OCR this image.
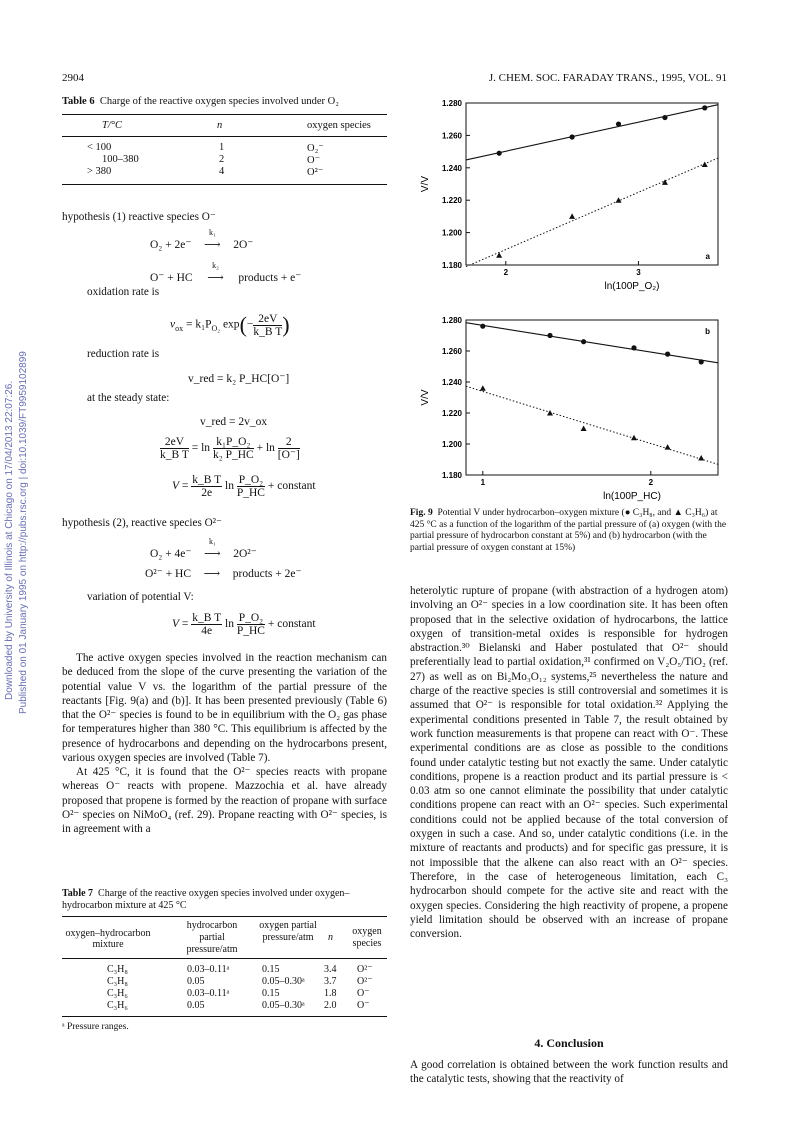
Downloaded by University of Illinois at Chicago on 17/04/2013 22:07:26. Published on 01 January 1995 on http://pubs.rsc.org | doi:10.1039/FT9959102899
2904	J. CHEM. SOC. FARADAY TRANS., 1995, VOL. 91
Table 6 Charge of the reactive oxygen species involved under O₂
T/°C	n	oxygen species
< 100	1	O₂⁻
100–380	2	O⁻
> 380	4	O²⁻
hypothesis (1) reactive species O⁻
O₂ + 2e⁻
k₁
⟶ 2O⁻
O⁻ + HC
k₂
⟶ products + e⁻
oxidation rate is
$v_{ox} = k_1P_{O_2}$ $\exp(- \frac{2eV}{\text{k\_B T}}$ )
reduction rate is
v_red = k₂ P_HC[O⁻]
at the steady state:
v_red = 2v_ox
$\frac{2eV}{\text{k\_B T}} = \ln \frac{\text{k₁P\_O₂}}{\text{k₂ P\_HC}} + \ln \frac{2}{[O^-]}$
$V = \frac{\text{k\_B T}}{2e}$ $\ln \frac{\text{P\_O₂}}{P\_HC}$ + constant
hypothesis (2), reactive species O²⁻
O₂ + 4e⁻
k₁
⟶ 2O²⁻
O²⁻ + HC ⟶ products + 2e⁻
variation of potential V:
$V = \frac{\text{k\_B T}}{4e}$ $\ln \frac{\text{P\_O₂}}{P\_HC}$ + constant
The active oxygen species involved in the reaction mechanism can be deduced from the slope of the curve presenting the variation of the potential value V vs. the logarithm of the partial pressure of the reactants [Fig. 9(a) and (b)]. It has been presented previously (Table 6) that the O²⁻ species is found to be in equilibrium with the O₂ gas phase for temperatures higher than 380 °C. This equilibrium is affected by the presence of hydrocarbons and depending on the hydrocarbons present, various oxygen species are involved (Table 7).
At 425 °C, it is found that the O²⁻ species reacts with propane whereas O⁻ reacts with propene. Mazzochia et al. have already proposed that propene is formed by the reaction of propane with surface O²⁻ species on NiMoO₄ (ref. 29). Propane reacting with O²⁻ species, is in agreement with a
Table 7 Charge of the reactive oxygen species involved under oxygen–hydrocarbon mixture at 425 °C
oxygen–hydrocarbon mixture
hydrocarbon partial pressure/atm
oxygen partial pressure/atm	n
oxygen species
C₃H₈	0.03–0.11ᵃ	0.15	3.4 O²⁻
C₃H₈	0.05	0.05–0.30ᵃ 3.7 O²⁻
C₃H₆	0.03–0.11ᵃ	0.15	1.8 O⁻
C₃H₆	0.05	0.05–0.30ᵃ 2.0 O⁻
ᵃ Pressure ranges.
1.180
1.200
1.220
1.240
1.260
1.280
2	3
ln(100P_O₂)
V/V
a
1.180
1.200
1.220
1.240
1.260
1.280
1	2
ln(100P_HC)
V/V
b
Fig. 9 Potential V under hydrocarbon–oxygen mixture (● C₃H₈, and ▲ C₃H₆) at 425 °C as a function of the logarithm of the partial pressure of (a) oxygen (with the partial pressure of hydrocarbon constant at 5%) and (b) hydrocarbon (with the partial pressure of oxygen constant at 15%)
heterolytic rupture of propane (with abstraction of a hydrogen atom) involving an O²⁻ species in a low coordination site. It has been often proposed that in the selective oxidation of hydrocarbons, the lattice oxygen of transition-metal oxides is responsible for hydrogen abstraction.³⁰ Bielanski and Haber postulated that O²⁻ should preferentially lead to partial oxidation,³¹ confirmed on V₂O₅/TiO₂ (ref. 27) as well as on Bi₂Mo₃O₁₂ systems,²⁵ nevertheless the nature and charge of the reactive species is still controversial and sometimes it is assumed that O²⁻ is responsible for total oxidation.³² Applying the experimental conditions presented in Table 7, the result obtained by work function measurements is that propene can react with O⁻. These experimental conditions are as close as possible to the conditions found under catalytic testing but not exactly the same. Under catalytic conditions, propene is a reaction product and its partial pressure is < 0.03 atm so one cannot eliminate the possibility that under catalytic conditions propene can react with an O²⁻ species. Such experimental conditions could not be applied because of the total conversion of oxygen in such a case. And so, under catalytic conditions (i.e. in the mixture of reactants and products) and for specific gas pressure, it is not impossible that the alkene can also react with an O²⁻ species. Therefore, in the case of heterogeneous limitation, each C₃ hydrocarbon should compete for the active site and react with the oxygen species. Considering the high reactivity of propene, a propene yield limitation should be observed with an increase of propane conversion.
4. Conclusion
A good correlation is obtained between the work function results and the catalytic tests, showing that the reactivity of
